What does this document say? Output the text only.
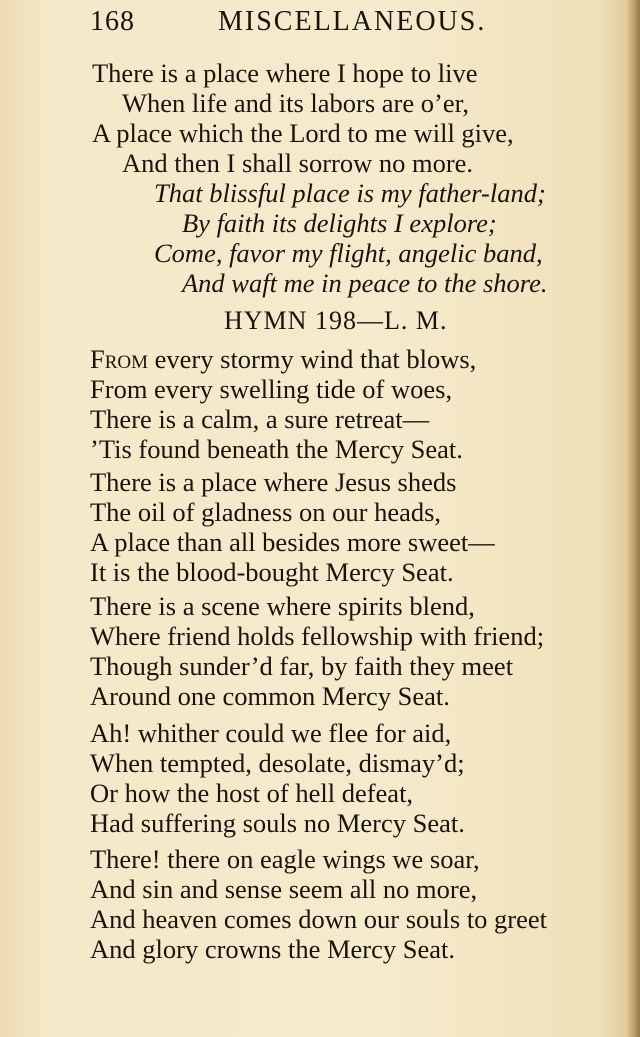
168	MISCELLANEOUS.
There is a place where I hope to live
When life and its labors are o’er,
A place which the Lord to me will give,
And then I shall sorrow no more.
That blissful place is my father-land;
By faith its delights I explore;
Come, favor my flight, angelic band,
And waft me in peace to the shore.
HYMN 198—L. M.
From every stormy wind that blows,
From every swelling tide of woes,
There is a calm, a sure retreat—
’Tis found beneath the Mercy Seat.
There is a place where Jesus sheds
The oil of gladness on our heads,
A place than all besides more sweet—
It is the blood-bought Mercy Seat.
There is a scene where spirits blend,
Where friend holds fellowship with friend;
Though sunder’d far, by faith they meet
Around one common Mercy Seat.
Ah! whither could we flee for aid,
When tempted, desolate, dismay’d;
Or how the host of hell defeat,
Had suffering souls no Mercy Seat.
There! there on eagle wings we soar,
And sin and sense seem all no more,
And heaven comes down our souls to greet
And glory crowns the Mercy Seat.
